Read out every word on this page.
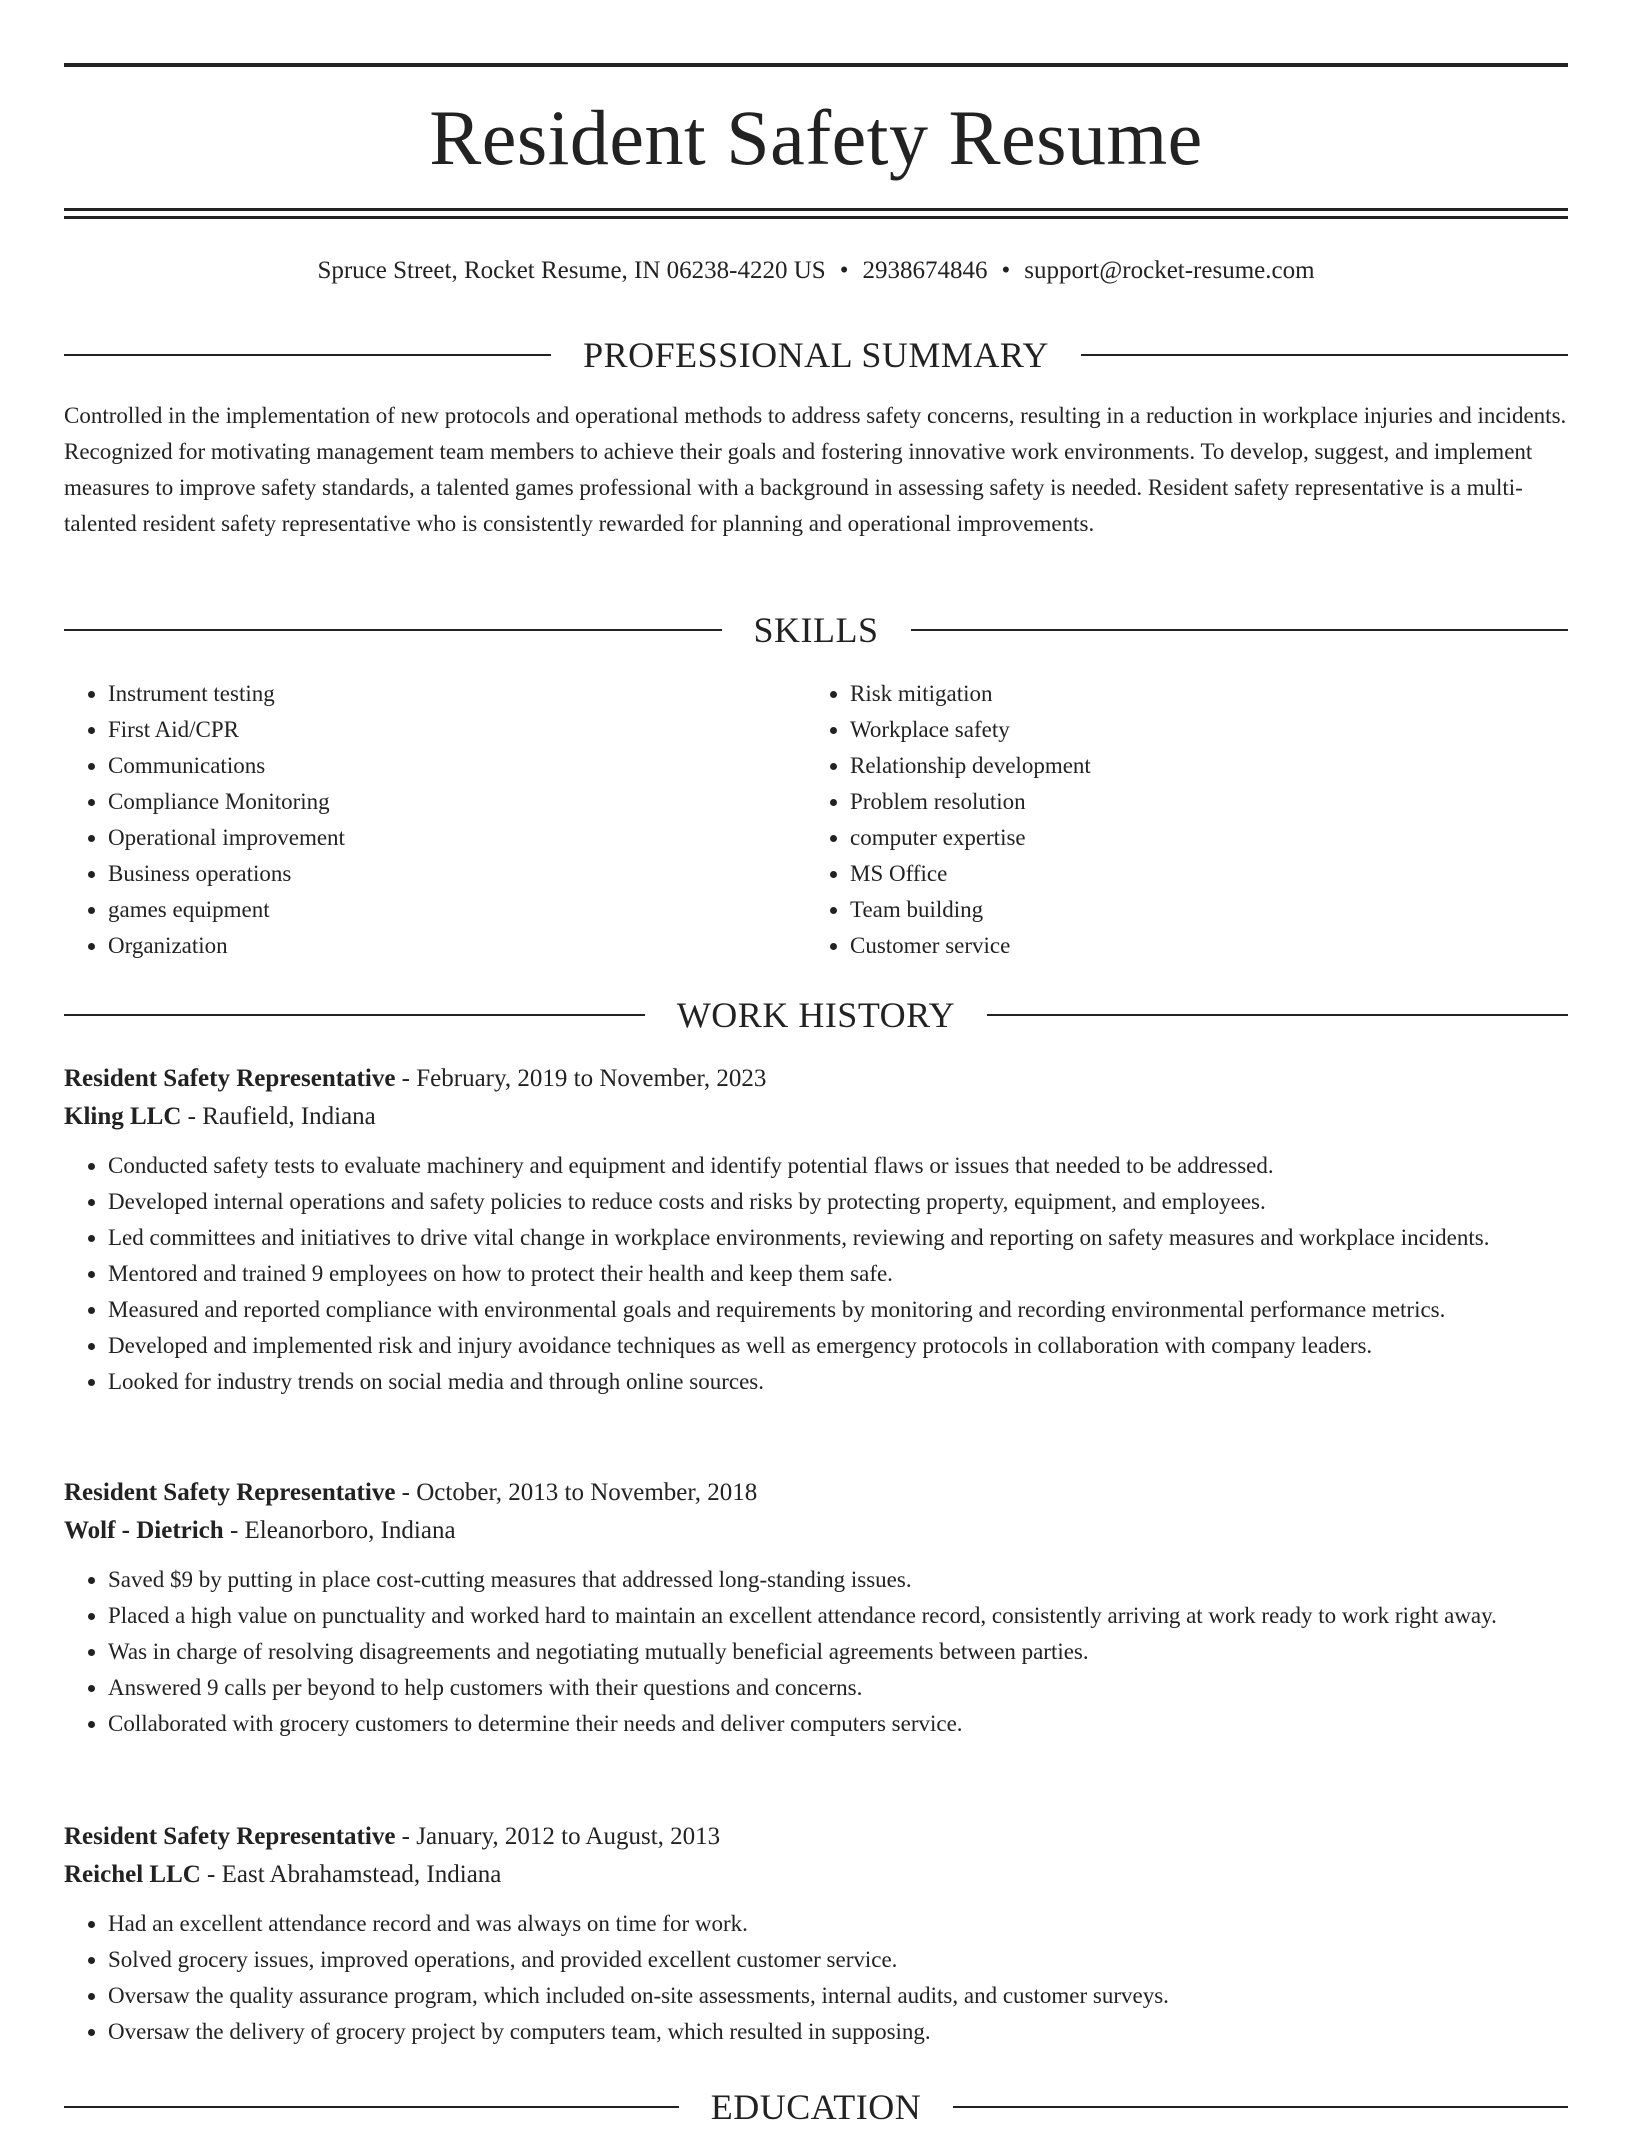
Resident Safety Resume
Spruce Street, Rocket Resume, IN 06238-4220 US • 2938674846 • support@rocket-resume.com
PROFESSIONAL SUMMARY

Controlled in the implementation of new protocols and operational methods to address safety concerns, resulting in a reduction in workplace injuries and incidents. Recognized for motivating management team members to achieve their goals and fostering innovative work environments. To develop, suggest, and implement measures to improve safety standards, a talented games professional with a background in assessing safety is needed. Resident safety representative is a multi-talented resident safety representative who is consistently rewarded for planning and operational improvements.

SKILLS
• Instrument testing
• First Aid/CPR
• Communications
• Compliance Monitoring
• Operational improvement
• Business operations
• games equipment
• Organization
• Risk mitigation
• Workplace safety
• Relationship development
• Problem resolution
• computer expertise
• MS Office
• Team building
• Customer service
WORK HISTORY

Resident Safety Representative - February, 2019 to November, 2023

Kling LLC - Raufield, Indiana

• Conducted safety tests to evaluate machinery and equipment and identify potential flaws or issues that needed to be addressed.
• Developed internal operations and safety policies to reduce costs and risks by protecting property, equipment, and employees.
• Led committees and initiatives to drive vital change in workplace environments, reviewing and reporting on safety measures and workplace incidents.
• Mentored and trained 9 employees on how to protect their health and keep them safe.
• Measured and reported compliance with environmental goals and requirements by monitoring and recording environmental performance metrics.
• Developed and implemented risk and injury avoidance techniques as well as emergency protocols in collaboration with company leaders.
• Looked for industry trends on social media and through online sources.

Resident Safety Representative - October, 2013 to November, 2018

Wolf - Dietrich - Eleanorboro, Indiana

• Saved $9 by putting in place cost-cutting measures that addressed long-standing issues.
• Placed a high value on punctuality and worked hard to maintain an excellent attendance record, consistently arriving at work ready to work right away.
• Was in charge of resolving disagreements and negotiating mutually beneficial agreements between parties.
• Answered 9 calls per beyond to help customers with their questions and concerns.
• Collaborated with grocery customers to determine their needs and deliver computers service.

Resident Safety Representative - January, 2012 to August, 2013

Reichel LLC - East Abrahamstead, Indiana

• Had an excellent attendance record and was always on time for work.
• Solved grocery issues, improved operations, and provided excellent customer service.
• Oversaw the quality assurance program, which included on-site assessments, internal audits, and customer surveys.
• Oversaw the delivery of grocery project by computers team, which resulted in supposing.
EDUCATION
